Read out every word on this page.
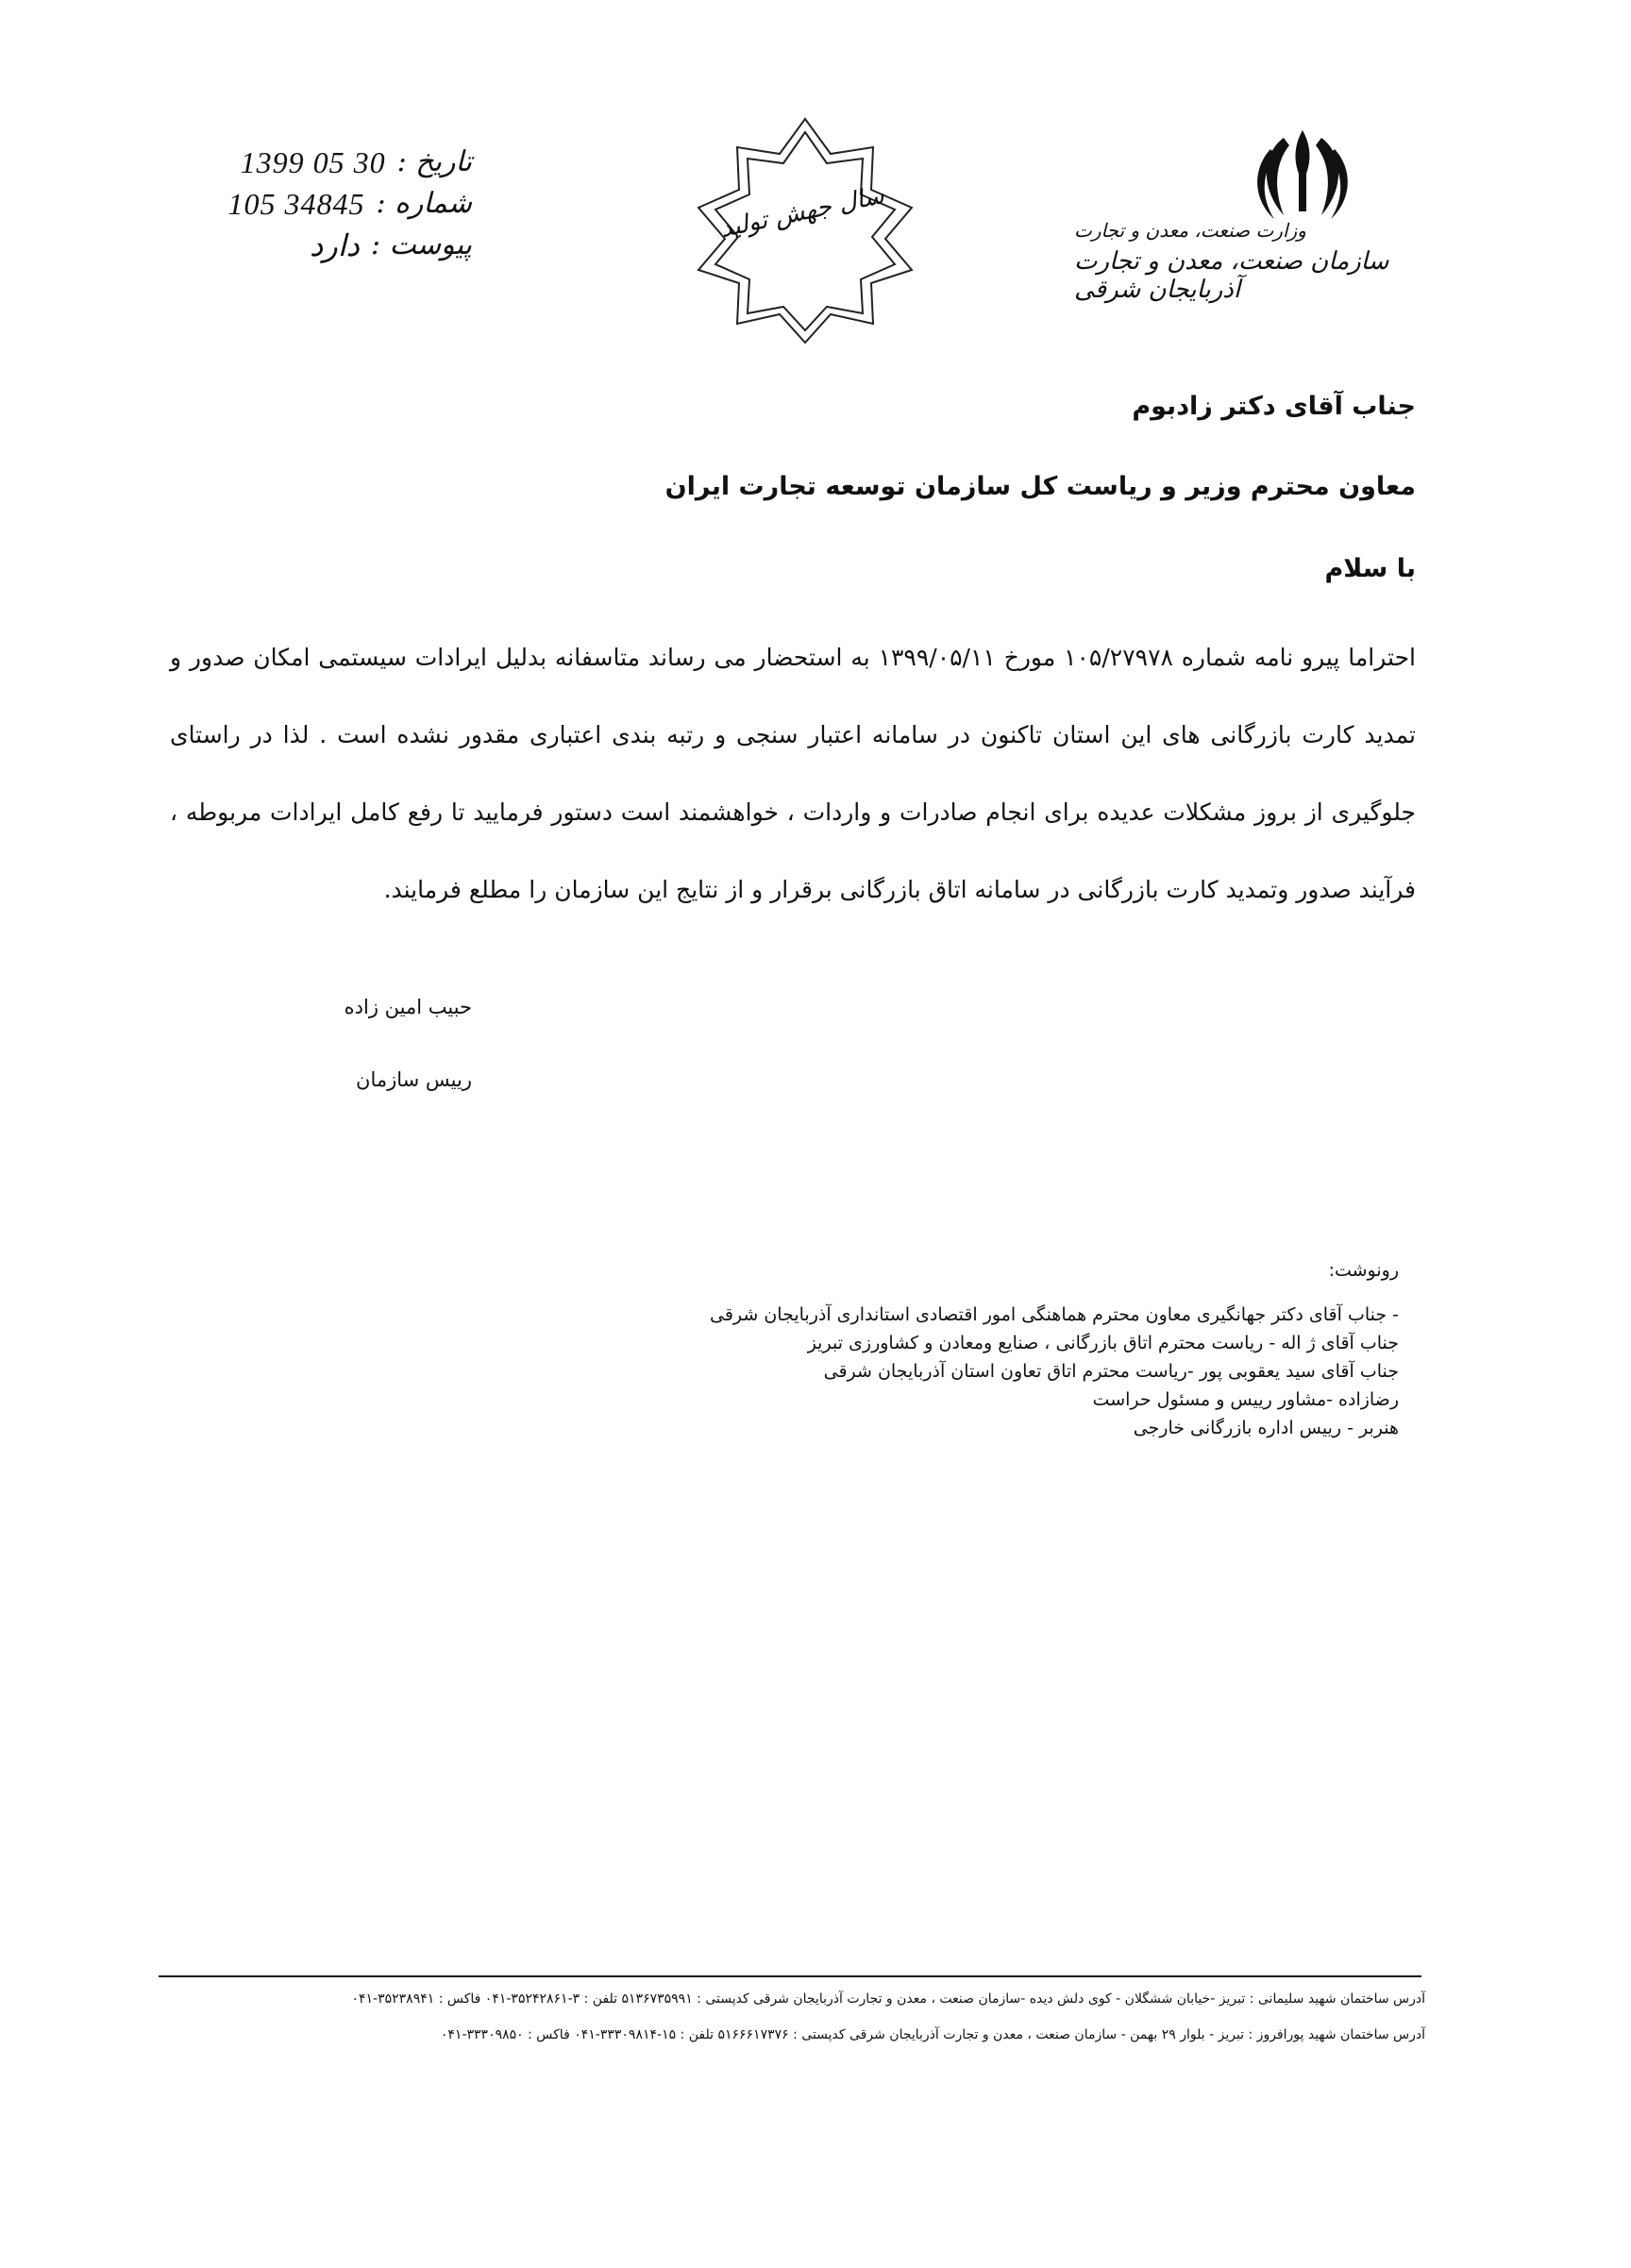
تاریخ :
1399 05 30
شماره :
105 34845
پیوست :
دارد
سال جهش تولید	وزارت صنعت، معدن و تجارت
سازمان صنعت، معدن و تجارت آذربایجان شرقی
جناب آقای دکتر زادبوم
معاون محترم وزیر و ریاست کل سازمان توسعه تجارت ایران
با سلام

احتراما پیرو نامه شماره ۱۰۵/۲۷۹۷۸ مورخ ۱۳۹۹/۰۵/۱۱ به استحضار می رساند متاسفانه بدلیل ایرادات سیستمی امکان صدور و تمدید کارت بازرگانی های این استان تاکنون در سامانه اعتبار سنجی و رتبه بندی اعتباری مقدور نشده است . لذا در راستای جلوگیری از بروز مشکلات عدیده برای انجام صادرات و واردات ، خواهشمند است دستور فرمایید تا رفع کامل ایرادات مربوطه ، فرآیند صدور وتمدید کارت بازرگانی در سامانه اتاق بازرگانی برقرار و از نتایج این سازمان را مطلع فرمایند.

حبیب امین زاده
رییس سازمان
رونوشت:
- جناب آقای دکتر جهانگیری معاون محترم هماهنگی امور اقتصادی استانداری آذربایجان شرقی
جناب آقای ژ اله - ریاست محترم اتاق بازرگانی ، صنایع ومعادن و کشاورزی تبریز
جناب آقای سید یعقوبی پور -ریاست محترم اتاق تعاون استان آذربایجان شرقی
رضازاده -مشاور رییس و مسئول حراست
هنربر - رییس اداره بازرگانی خارجی
آدرس ساختمان شهید سلیمانی : تبریز -خیابان ششگلان - کوی دلش دیده -سازمان صنعت ، معدن و تجارت آذربایجان شرقی کدپستی : ۵۱۳۶۷۳۵۹۹۱ تلفن : ۳-۳۵۲۴۲۸۶۱-۰۴۱ فاکس : ۳۵۲۳۸۹۴۱-۰۴۱
آدرس ساختمان شهید پورافروز : تبریز - بلوار ۲۹ بهمن - سازمان صنعت ، معدن و تجارت آذربایجان شرقی کدپستی : ۵۱۶۶۶۱۷۳۷۶ تلفن : ۱۵-۳۳۳۰۹۸۱۴-۰۴۱ فاکس : ۳۳۳۰۹۸۵۰-۰۴۱
